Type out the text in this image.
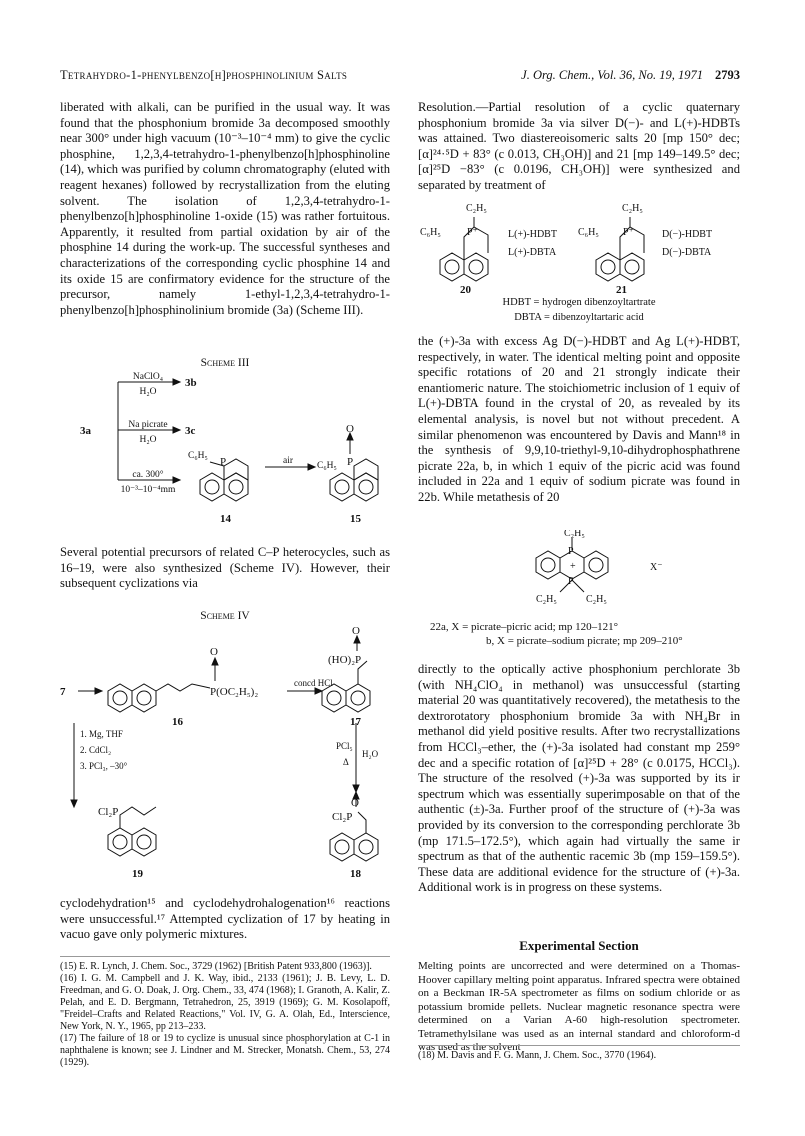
Tetrahydro-1-phenylbenzo[h]phosphinolinium Salts	J. Org. Chem., Vol. 36, No. 19, 1971 2793

liberated with alkali, can be purified in the usual way. It was found that the phosphonium bromide 3a decomposed smoothly near 300° under high vacuum (10⁻³–10⁻⁴ mm) to give the cyclic phosphine, 1,2,3,4-tetrahydro-1-phenylbenzo[h]phosphinoline (14), which was purified by column chromatography (eluted with reagent hexanes) followed by recrystallization from the eluting solvent. The isolation of 1,2,3,4-tetrahydro-1-phenylbenzo[h]phosphinoline 1-oxide (15) was rather fortuitous. Apparently, it resulted from partial oxidation by air of the phosphine 14 during the work-up. The successful syntheses and characterizations of the corresponding cyclic phosphine 14 and its oxide 15 are confirmatory evidence for the structure of the precursor, namely 1-ethyl-1,2,3,4-tetrahydro-1-phenylbenzo[h]phosphinolinium bromide (3a) (Scheme III).

Scheme III
NaClO₄
H₂O
Na picrate
H₂O
ca. 300°
10⁻³–10⁻⁴mm
air
C₆H₅
C₆H₅
3b
3a	3c
P	P
O
14	15

Several potential precursors of related C–P heterocycles, such as 16–19, were also synthesized (Scheme IV). However, their subsequent cyclizations via

Scheme IV
concd HCl
1. Mg, THF
2. CdCl₂
3. PCl₃, –30°
PCl₅
Δ
H₂O
7
O
P(OC₂H₅)₂
16
O
(HO)₂P
17
O
Cl₂P
Cl₂P
19	18

cyclodehydration¹⁵ and cyclodehydrohalogenation¹⁶ reactions were unsuccessful.¹⁷ Attempted cyclization of 17 by heating in vacuo gave only polymeric mixtures.

(15) E. R. Lynch, J. Chem. Soc., 3729 (1962) [British Patent 933,800 (1963)].

(16) I. G. M. Campbell and J. K. Way, ibid., 2133 (1961); J. B. Levy, L. D. Freedman, and G. O. Doak, J. Org. Chem., 33, 474 (1968); I. Granoth, A. Kalir, Z. Pelah, and E. D. Bergmann, Tetrahedron, 25, 3919 (1969); G. M. Kosolapoff, "Freidel–Crafts and Related Reactions," Vol. IV, G. A. Olah, Ed., Interscience, New York, N. Y., 1965, pp 213–233.

(17) The failure of 18 or 19 to cyclize is unusual since phosphorylation at C-1 in naphthalene is known; see J. Lindner and M. Strecker, Monatsh. Chem., 53, 274 (1929).

Resolution.—Partial resolution of a cyclic quaternary phosphonium bromide 3a via silver D(−)- and L(+)-HDBTs was attained. Two diastereoisomeric salts 20 [mp 150° dec; [α]²⁴·⁵D + 83° (c 0.013, CH₃OH)] and 21 [mp 149–149.5° dec; [α]²⁵D −83° (c 0.0196, CH₃OH)] were synthesized and separated by treatment of

C₂H₅
C₆H₅	P⁺	L(+)-HDBT
L(+)-DBTA
C₂H₅
C₆H₅ P⁺	D(−)-HDBT
D(−)-DBTA
20	21
HDBT = hydrogen dibenzoyltartrate
DBTA = dibenzoyltartaric acid

the (+)-3a with excess Ag D(−)-HDBT and Ag L(+)-HDBT, respectively, in water. The identical melting point and opposite specific rotations of 20 and 21 strongly indicate their enantiomeric nature. The stoichiometric inclusion of 1 equiv of L(+)-DBTA found in the crystal of 20, as revealed by its elemental analysis, is novel but not without precedent. A similar phenomenon was encountered by Davis and Mann¹⁸ in the synthesis of 9,9,10-triethyl-9,10-dihydrophosphathrene picrate 22a, b, in which 1 equiv of the picric acid was found included in 22a and 1 equiv of sodium picrate was found in 22b. While metathesis of 20

C₂H₅
P
+
P
C₂H₅	C₂H₅
X⁻
22a, X = picrate–picric acid; mp 120–121°
b, X = picrate–sodium picrate; mp 209–210°

directly to the optically active phosphonium perchlorate 3b (with NH₄ClO₄ in methanol) was unsuccessful (starting material 20 was quantitatively recovered), the metathesis to the dextrorotatory phosphonium bromide 3a with NH₄Br in methanol did yield positive results. After two recrystallizations from HCCl₃–ether, the (+)-3a isolated had constant mp 259° dec and a specific rotation of [α]²⁵D + 28° (c 0.0175, HCCl₃). The structure of the resolved (+)-3a was supported by its ir spectrum which was essentially superimposable on that of the authentic (±)-3a. Further proof of the structure of (+)-3a was provided by its conversion to the corresponding perchlorate 3b (mp 171.5–172.5°), which again had virtually the same ir spectrum as that of the authentic racemic 3b (mp 159–159.5°). These data are additional evidence for the structure of (+)-3a. Additional work is in progress on these systems.

Experimental Section

Melting points are uncorrected and were determined on a Thomas-Hoover capillary melting point apparatus. Infrared spectra were obtained on a Beckman IR-5A spectrometer as films on sodium chloride or as potassium bromide pellets. Nuclear magnetic resonance spectra were determined on a Varian A-60 high-resolution spectrometer. Tetramethylsilane was used as an internal standard and chloroform-d was used as the solvent

(18) M. Davis and F. G. Mann, J. Chem. Soc., 3770 (1964).
